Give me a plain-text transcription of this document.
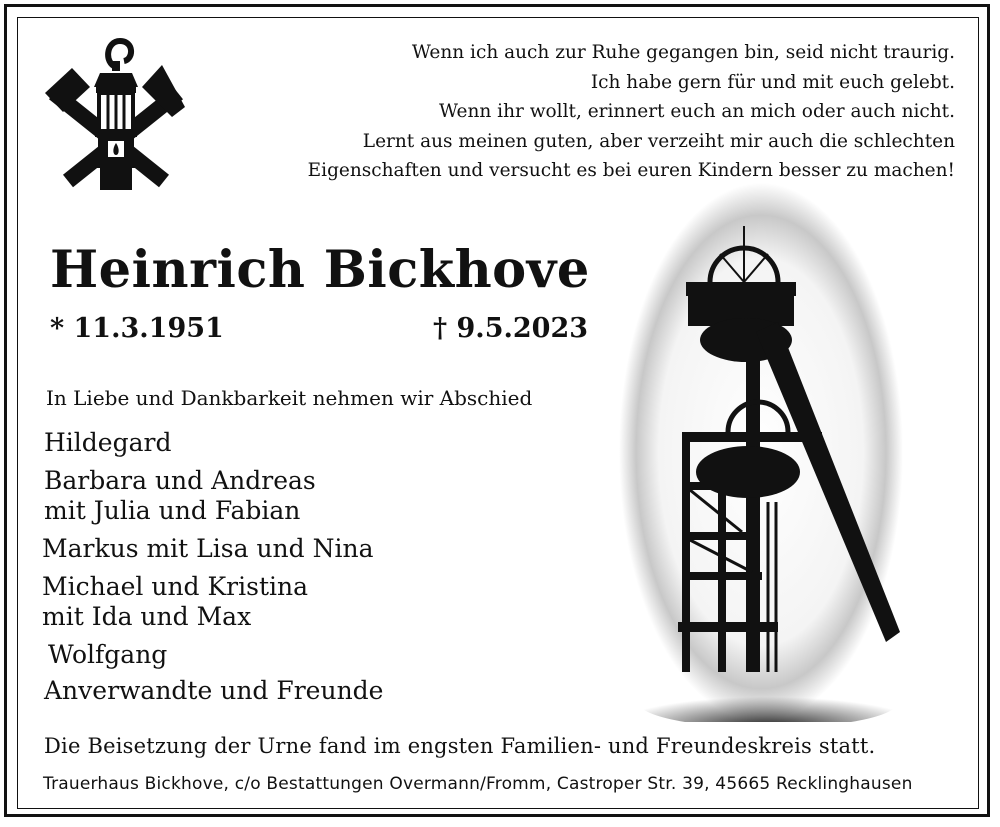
Wenn ich auch zur Ruhe gegangen bin, seid nicht traurig.
Ich habe gern für und mit euch gelebt.
Wenn ihr wollt, erinnert euch an mich oder auch nicht.
Lernt aus meinen guten, aber verzeiht mir auch die schlechten
Eigenschaften und versucht es bei euren Kindern besser zu machen!
Heinrich Bickhove
* 11.3.1951	† 9.5.2023
In Liebe und Dankbarkeit nehmen wir Abschied
Hildegard
Barbara und Andreas
mit Julia und Fabian
Markus mit Lisa und Nina
Michael und Kristina
mit Ida und Max
Wolfgang
Anverwandte und Freunde
Die Beisetzung der Urne fand im engsten Familien- und Freundeskreis statt.
Trauerhaus Bickhove, c/o Bestattungen Overmann/Fromm, Castroper Str. 39, 45665 Recklinghausen
